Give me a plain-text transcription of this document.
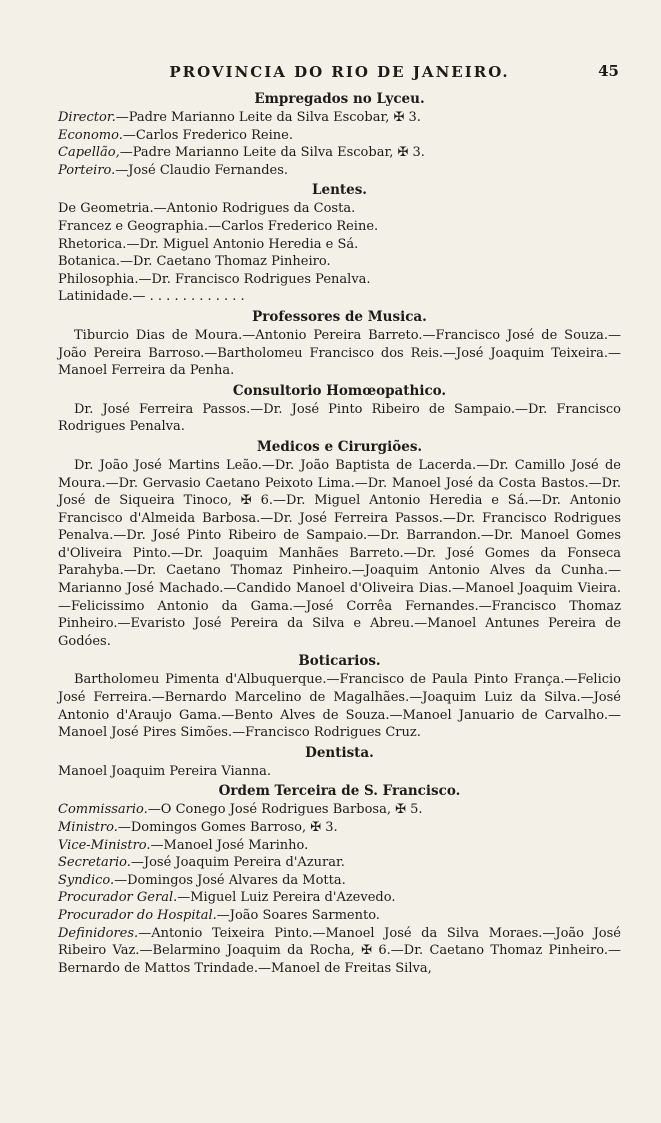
PROVINCIA DO RIO DE JANEIRO.	45
Empregados no Lyceu.
Director.—Padre Marianno Leite da Silva Escobar, ✠ 3.
Economo.—Carlos Frederico Reine.
Capellão,—Padre Marianno Leite da Silva Escobar, ✠ 3.
Porteiro.—José Claudio Fernandes.
Lentes.
De Geometria.—Antonio Rodrigues da Costa.
Francez e Geographia.—Carlos Frederico Reine.
Rhetorica.—Dr. Miguel Antonio Heredia e Sá.
Botanica.—Dr. Caetano Thomaz Pinheiro.
Philosophia.—Dr. Francisco Rodrigues Penalva.
Latinidade.— . . . . . . . . . . . .
Professores de Musica.
Tiburcio Dias de Moura.—Antonio Pereira Barreto.—Francisco José de Souza.—João Pereira Barroso.—Bartholomeu Francisco dos Reis.—José Joaquim Teixeira.—Manoel Ferreira da Penha.
Consultorio Homœopathico.
Dr. José Ferreira Passos.—Dr. José Pinto Ribeiro de Sampaio.—Dr. Francisco Rodrigues Penalva.
Medicos e Cirurgiões.
Dr. João José Martins Leão.—Dr. João Baptista de Lacerda.—Dr. Camillo José de Moura.—Dr. Gervasio Caetano Peixoto Lima.—Dr. Manoel José da Costa Bastos.—Dr. José de Siqueira Tinoco, ✠ 6.—Dr. Miguel Antonio Heredia e Sá.—Dr. Antonio Francisco d'Almeida Barbosa.—Dr. José Ferreira Passos.—Dr. Francisco Rodrigues Penalva.—Dr. José Pinto Ribeiro de Sampaio.—Dr. Barrandon.—Dr. Manoel Gomes d'Oliveira Pinto.—Dr. Joaquim Manhães Barreto.—Dr. José Gomes da Fonseca Parahyba.—Dr. Caetano Thomaz Pinheiro.—Joaquim Antonio Alves da Cunha.—Marianno José Machado.—Candido Manoel d'Oliveira Dias.—Manoel Joaquim Vieira.—Felicissimo Antonio da Gama.—José Corrêa Fernandes.—Francisco Thomaz Pinheiro.—Evaristo José Pereira da Silva e Abreu.—Manoel Antunes Pereira de Godóes.
Boticarios.
Bartholomeu Pimenta d'Albuquerque.—Francisco de Paula Pinto França.—Felicio José Ferreira.—Bernardo Marcelino de Magalhães.—Joaquim Luiz da Silva.—José Antonio d'Araujo Gama.—Bento Alves de Souza.—Manoel Januario de Carvalho.—Manoel José Pires Simões.—Francisco Rodrigues Cruz.
Dentista.
Manoel Joaquim Pereira Vianna.
Ordem Terceira de S. Francisco.
Commissario.—O Conego José Rodrigues Barbosa, ✠ 5.
Ministro.—Domingos Gomes Barroso, ✠ 3.
Vice-Ministro.—Manoel José Marinho.
Secretario.—José Joaquim Pereira d'Azurar.
Syndico.—Domingos José Alvares da Motta.
Procurador Geral.—Miguel Luiz Pereira d'Azevedo.
Procurador do Hospital.—João Soares Sarmento.
Definidores.—Antonio Teixeira Pinto.—Manoel José da Silva Moraes.—João José Ribeiro Vaz.—Belarmino Joaquim da Rocha, ✠ 6.—Dr. Caetano Thomaz Pinheiro.—Bernardo de Mattos Trindade.—Manoel de Freitas Silva,
